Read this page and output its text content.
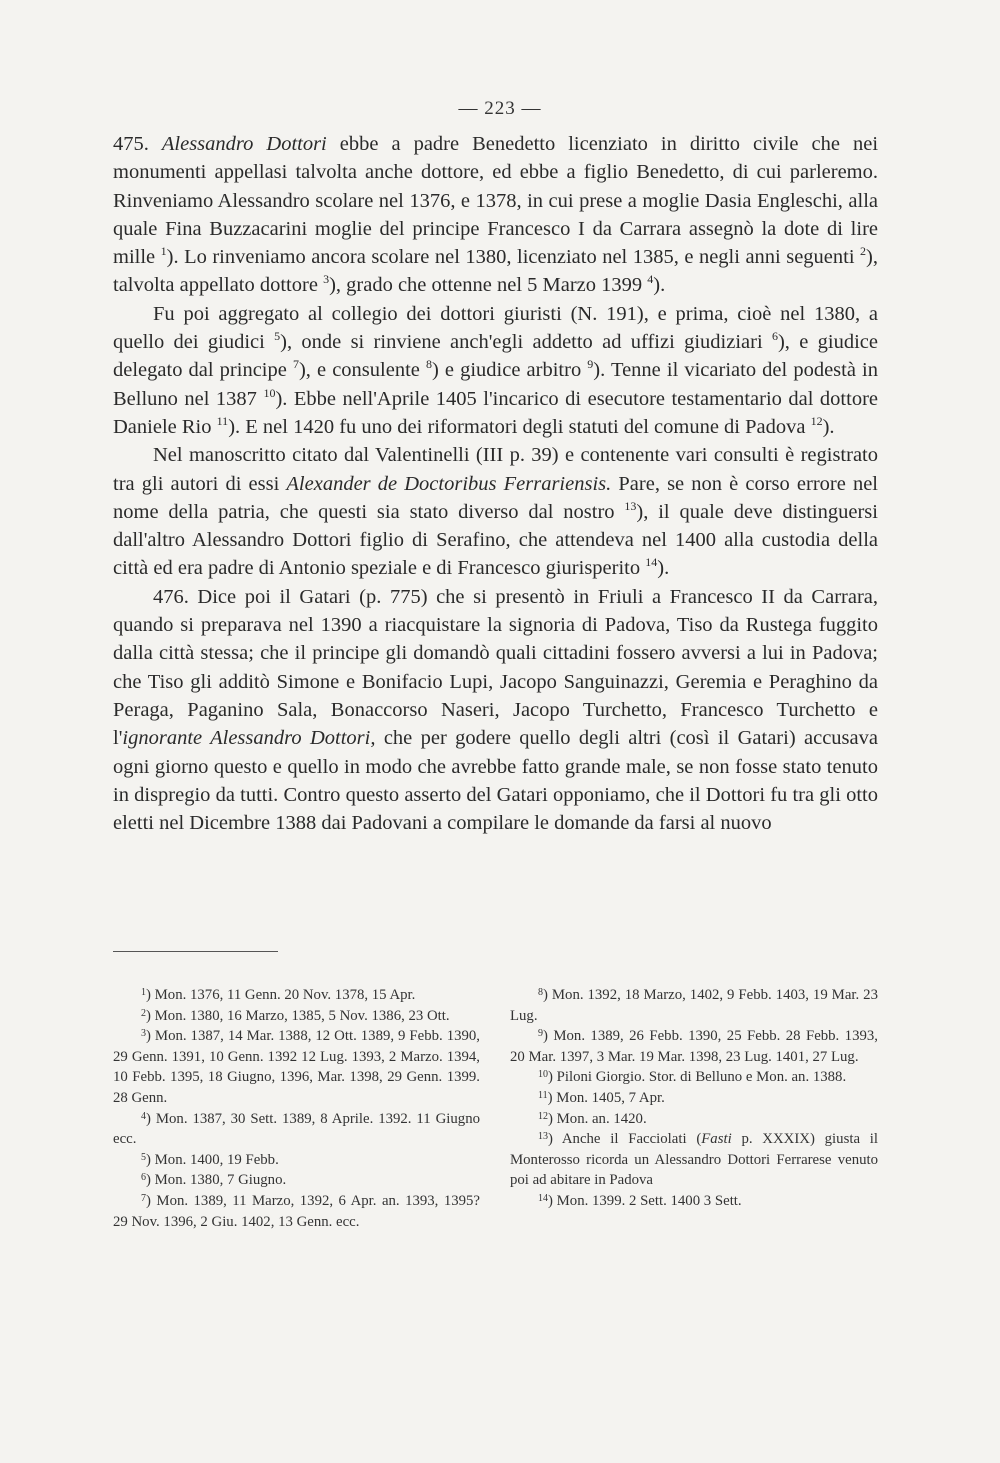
— 223 —

475. Alessandro Dottori ebbe a padre Benedetto licenziato in diritto civile che nei monumenti appellasi talvolta anche dottore, ed ebbe a figlio Benedetto, di cui parleremo. Rinveniamo Alessandro scolare nel 1376, e 1378, in cui prese a moglie Dasia Engleschi, alla quale Fina Buzzacarini moglie del principe Francesco I da Carrara assegnò la dote di lire mille $^1$). Lo rinveniamo ancora scolare nel 1380, licenziato nel 1385, e negli anni seguenti $^2$), talvolta appellato dottore $^3$), grado che ottenne nel 5 Marzo 1399 $^4$).

Fu poi aggregato al collegio dei dottori giuristi (N. 191), e prima, cioè nel 1380, a quello dei giudici $^5$), onde si rinviene anch'egli addetto ad uffizi giudiziari $^6$), e giudice delegato dal principe $^7$), e consulente $^8$) e giudice arbitro $^9$). Tenne il vicariato del podestà in Belluno nel 1387 $^{10}$). Ebbe nell'Aprile 1405 l'incarico di esecutore testamentario dal dottore Daniele Rio $^{11}$). E nel 1420 fu uno dei riformatori degli statuti del comune di Padova $^{12}$).

Nel manoscritto citato dal Valentinelli (III p. 39) e contenente vari consulti è registrato tra gli autori di essi Alexander de Doctoribus Ferrariensis. Pare, se non è corso errore nel nome della patria, che questi sia stato diverso dal nostro $^{13}$), il quale deve distinguersi dall'altro Alessandro Dottori figlio di Serafino, che attendeva nel 1400 alla custodia della città ed era padre di Antonio speziale e di Francesco giurisperito $^{14}$).

476. Dice poi il Gatari (p. 775) che si presentò in Friuli a Francesco II da Carrara, quando si preparava nel 1390 a riacquistare la signoria di Padova, Tiso da Rustega fuggito dalla città stessa; che il principe gli domandò quali cittadini fossero avversi a lui in Padova; che Tiso gli additò Simone e Bonifacio Lupi, Jacopo Sanguinazzi, Geremia e Peraghino da Peraga, Paganino Sala, Bonaccorso Naseri, Jacopo Turchetto, Francesco Turchetto e l'ignorante Alessandro Dottori, che per godere quello degli altri (così il Gatari) accusava ogni giorno questo e quello in modo che avrebbe fatto grande male, se non fosse stato tenuto in dispregio da tutti. Contro questo asserto del Gatari opponiamo, che il Dottori fu tra gli otto eletti nel Dicembre 1388 dai Padovani a compilare le domande da farsi al nuovo

$^1$) Mon. 1376, 11 Genn. 20 Nov. 1378, 15 Apr.

$^2$) Mon. 1380, 16 Marzo, 1385, 5 Nov. 1386, 23 Ott.

$^3$) Mon. 1387, 14 Mar. 1388, 12 Ott. 1389, 9 Febb. 1390, 29 Genn. 1391, 10 Genn. 1392 12 Lug. 1393, 2 Marzo. 1394, 10 Febb. 1395, 18 Giugno, 1396, Mar. 1398, 29 Genn. 1399. 28 Genn.

$^4$) Mon. 1387, 30 Sett. 1389, 8 Aprile. 1392. 11 Giugno ecc.

$^5$) Mon. 1400, 19 Febb.

$^6$) Mon. 1380, 7 Giugno.

$^7$) Mon. 1389, 11 Marzo, 1392, 6 Apr. an. 1393, 1395? 29 Nov. 1396, 2 Giu. 1402, 13 Genn. ecc.

$^8$) Mon. 1392, 18 Marzo, 1402, 9 Febb. 1403, 19 Mar. 23 Lug.

$^9$) Mon. 1389, 26 Febb. 1390, 25 Febb. 28 Febb. 1393, 20 Mar. 1397, 3 Mar. 19 Mar. 1398, 23 Lug. 1401, 27 Lug.

$^{10}$) Piloni Giorgio. Stor. di Belluno e Mon. an. 1388.

$^{11}$) Mon. 1405, 7 Apr.

$^{12}$) Mon. an. 1420.

$^{13}$) Anche il Facciolati (Fasti p. XXXIX) giusta il Monterosso ricorda un Alessandro Dottori Ferrarese venuto poi ad abitare in Padova

$^{14}$) Mon. 1399. 2 Sett. 1400 3 Sett.
